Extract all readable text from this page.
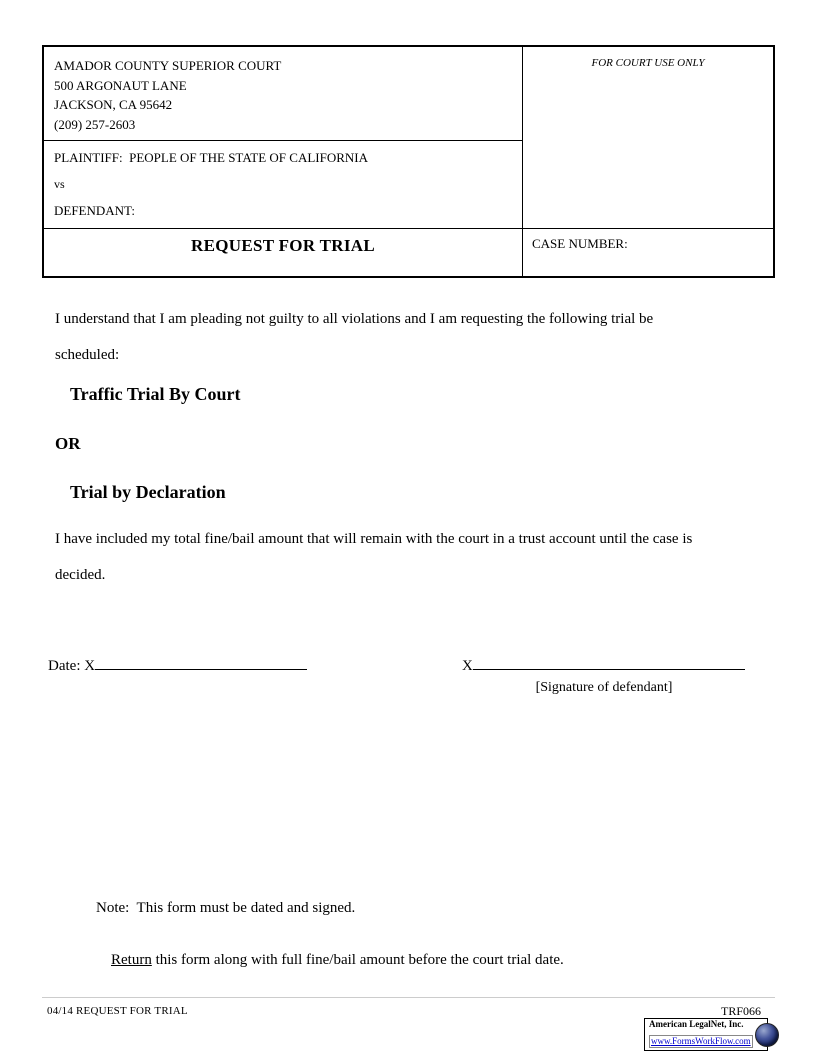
AMADOR COUNTY SUPERIOR COURT
500 ARGONAUT LANE
JACKSON, CA 95642
(209) 257-2603
PLAINTIFF:  PEOPLE OF THE STATE OF CALIFORNIA
vs
DEFENDANT:
FOR COURT USE ONLY
REQUEST FOR TRIAL	CASE NUMBER:
I understand that I am pleading not guilty to all violations and I am requesting the following trial be
scheduled:
Traffic Trial By Court
OR
Trial by Declaration
I have included my total fine/bail amount that will remain with the court in a trust account until the case is
decided.
Date: X	X
[Signature of defendant]
Note:  This form must be dated and signed.

Return this form along with full fine/bail amount before the court trial date.

04/14 REQUEST FOR TRIAL	TRF066
American LegalNet, Inc.
www.FormsWorkFlow.com
